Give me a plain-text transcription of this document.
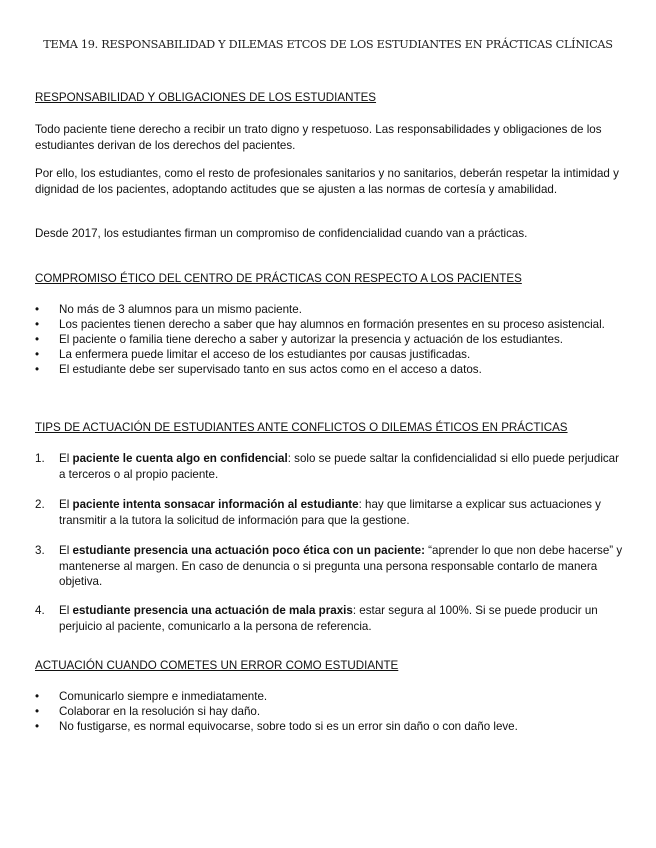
TEMA 19. RESPONSABILIDAD Y DILEMAS ETCOS DE LOS ESTUDIANTES EN PRÁCTICAS CLÍNICAS
RESPONSABILIDAD Y OBLIGACIONES DE LOS ESTUDIANTES

Todo paciente tiene derecho a recibir un trato digno y respetuoso. Las responsabilidades y obligaciones de los estudiantes derivan de los derechos del pacientes.

Por ello, los estudiantes, como el resto de profesionales sanitarios y no sanitarios, deberán respetar la intimidad y dignidad de los pacientes, adoptando actitudes que se ajusten a las normas de cortesía y amabilidad.

Desde 2017, los estudiantes firman un compromiso de confidencialidad cuando van a prácticas.

COMPROMISO ÉTICO DEL CENTRO DE PRÁCTICAS CON RESPECTO A LOS PACIENTES
•	No más de 3 alumnos para un mismo paciente.
•	Los pacientes tienen derecho a saber que hay alumnos en formación presentes en su proceso asistencial.
•	El paciente o familia tiene derecho a saber y autorizar la presencia y actuación de los estudiantes.
•	La enfermera puede limitar el acceso de los estudiantes por causas justificadas.
•	El estudiante debe ser supervisado tanto en sus actos como en el acceso a datos.
TIPS DE ACTUACIÓN DE ESTUDIANTES ANTE CONFLICTOS O DILEMAS ÉTICOS EN PRÁCTICAS
1. El paciente le cuenta algo en confidencial: solo se puede saltar la confidencialidad si ello puede perjudicar a terceros o al propio paciente.
2. El paciente intenta sonsacar información al estudiante: hay que limitarse a explicar sus actuaciones y transmitir a la tutora la solicitud de información para que la gestione.
3. El estudiante presencia una actuación poco ética con un paciente: “aprender lo que non debe hacerse” y mantenerse al margen. En caso de denuncia o si pregunta una persona responsable contarlo de manera objetiva.
4. El estudiante presencia una actuación de mala praxis: estar segura al 100%. Si se puede producir un perjuicio al paciente, comunicarlo a la persona de referencia.
ACTUACIÓN CUANDO COMETES UN ERROR COMO ESTUDIANTE
•	Comunicarlo siempre e inmediatamente.
•	Colaborar en la resolución si hay daño.
•	No fustigarse, es normal equivocarse, sobre todo si es un error sin daño o con daño leve.
